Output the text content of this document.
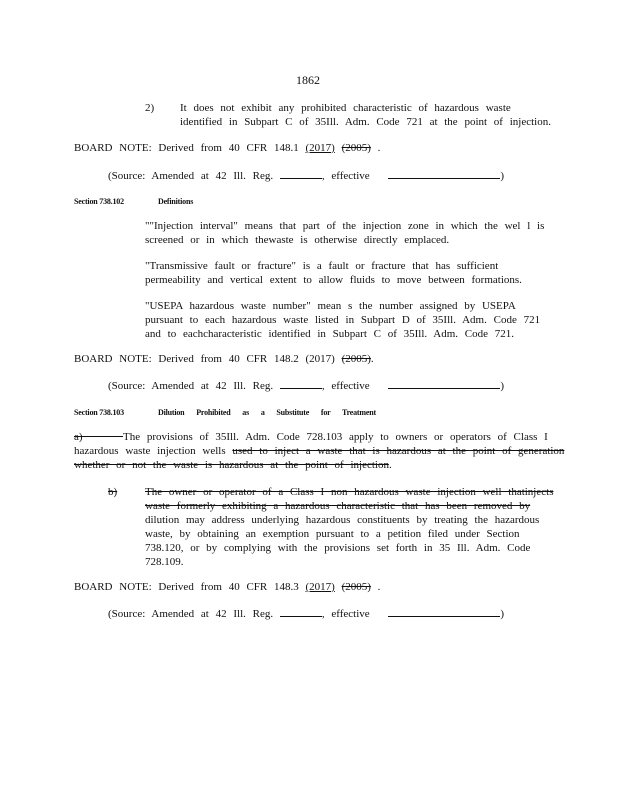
1862
2) It does not exhibit any prohibited characteristic of hazardous waste
identified in Subpart C of 35Ill. Adm. Code 721 at the point of injection.
BOARD NOTE: Derived from 40 CFR 148.1 (2017) (2005) .
(Source: Amended at 42 Ill. Reg.	, effective	)
Section 738.102	Definitions
""Injection interval" means that part of the injection zone in which the wel l is
screened or in which thewaste is otherwise directly emplaced.
"Transmissive fault or fracture" is a fault or fracture that has sufficient
permeability and vertical extent to allow fluids to move between formations.
"USEPA hazardous waste number" mean s the number assigned by USEPA
pursuant to each hazardous waste listed in Subpart D of 35Ill. Adm. Code 721
and to eachcharacteristic identified in Subpart C of 35Ill. Adm. Code 721.
BOARD NOTE: Derived from 40 CFR 148.2 (2017) (2005).
(Source: Amended at 42 Ill. Reg.	, effective	)
Section 738.103	Dilution Prohibited as a Substitute for Treatment
a)	The provisions of 35Ill. Adm. Code 728.103 apply to owners or operators of Class I
hazardous waste injection wells used to inject a waste that is hazardous at the point of generation
whether or not the waste is hazardous at the point of injection.
b)	The owner or operator of a Class I non hazardous waste injection well thatinjects
waste formerly exhibiting a hazardous characteristic that has been removed by
dilution may address underlying hazardous constituents by treating the hazardous
waste, by obtaining an exemption pursuant to a petition filed under Section
738.120, or by complying with the provisions set forth in 35 Ill. Adm. Code
728.109.
BOARD NOTE: Derived from 40 CFR 148.3 (2017) (2005) .
(Source: Amended at 42 Ill. Reg.	, effective	)
